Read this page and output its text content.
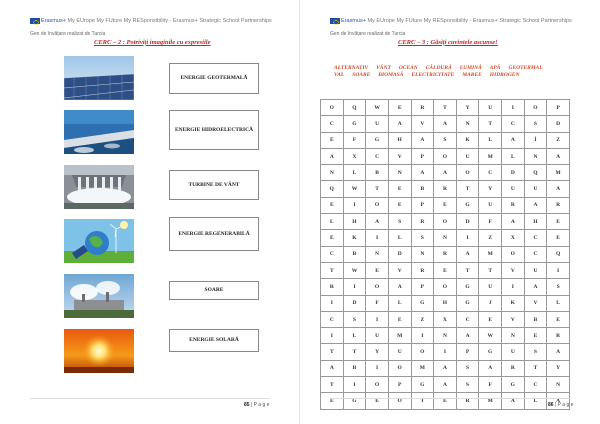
Erasmus+
My EUrope My FUture My RESponsibility - Erasmus+ Strategic School Partnerships
Gen de învățare realizat de Turcia
CERC – 2 : Potriviți imaginile cu expresiile
ENERGIE GEOTERMALĂ
ENERGIE HIDROELECTRICĂ
TURBINE DE VÂNT
ENERGIE REGENERABILĂ
SOARE
ENERGIE SOLARĂ
85 | P a g e
Erasmus+
My EUrope My FUture My RESponsibility - Erasmus+ Strategic School Partnerships
Gen de învățare realizat de Turcia
CERC – 3 : Găsiți cuvintele ascunse!
ALTERNATIV VÂNT OCEAN CĂLDURĂ LUMINĂ APĂ GEOTERMALVAL SOARE BIOMASĂ ELECTRICITATE MAREE HIDROGEN
O	Q	W	E	R	T	Y	U	I	O	P
C	G	U	A	V	A	N	T	C	S	D
E	F	G	H	A	S	K	L	A	İ	Z
A	X	C	V	P	O	U	M	L	N	A
N	L	B	N	A	A	O	C	D	Q	M
Q	W	T	E	B	R	T	Y	U	U	A
E	I	O	E	P	E	G	U	R	A	R
L	H	A	S	R	O	D	F	A	H	E
E	K	I	L	S	N	I	Z	X	C	E
C	B	N	D	N	R	A	M	O	C	Q
T	W	E	V	R	E	T	T	V	U	I
R	I	O	A	P	O	G	U	I	A	S
I	D	F	L	G	H	G	J	K	V	L
C	S	I	E	Z	X	C	E	V	B	E
I	L	U	M	I	N	A	W	N	E	R
T	T	Y	U	O	I	P	G	U	S	A
A	B	I	O	M	A	S	A	R	T	Y
T	I	O	P	G	A	S	F	G	C	N
E	G	E	O	T	E	R	M	A	L	A
86 | P a g e
